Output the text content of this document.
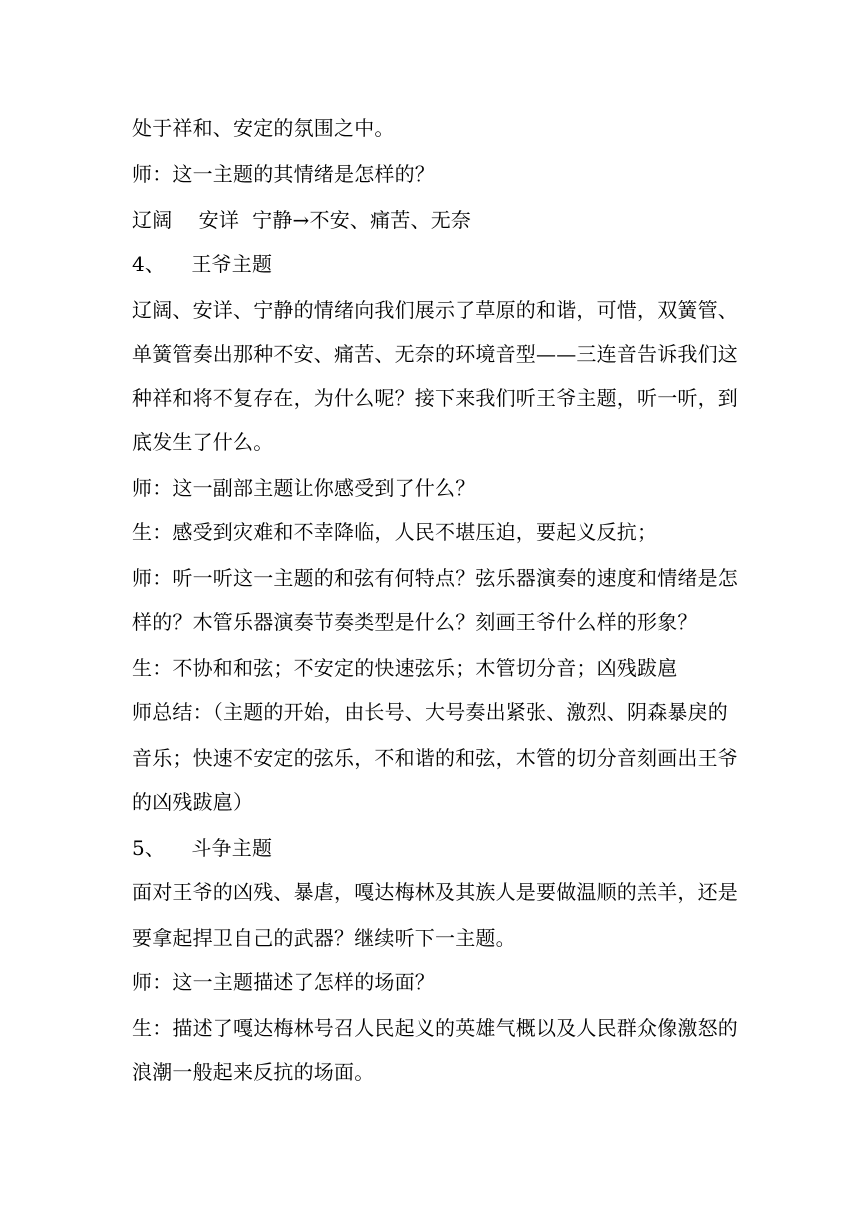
处于祥和、安定的氛围之中。
师：这一主题的其情绪是怎样的？
辽阔    安详  宁静→不安、痛苦、无奈
4、    王爷主题
辽阔、安详、宁静的情绪向我们展示了草原的和谐，可惜，双簧管、
单簧管奏出那种不安、痛苦、无奈的环境音型——三连音告诉我们这
种祥和将不复存在，为什么呢？接下来我们听王爷主题，听一听，到
底发生了什么。
师：这一副部主题让你感受到了什么？
生：感受到灾难和不幸降临，人民不堪压迫，要起义反抗；
师：听一听这一主题的和弦有何特点？弦乐器演奏的速度和情绪是怎
样的？木管乐器演奏节奏类型是什么？刻画王爷什么样的形象？
生：不协和和弦；不安定的快速弦乐；木管切分音；凶残跋扈
师总结：（主题的开始，由长号、大号奏出紧张、激烈、阴森暴戾的
音乐；快速不安定的弦乐，不和谐的和弦，木管的切分音刻画出王爷
的凶残跋扈）
5、    斗争主题
面对王爷的凶残、暴虐，嘎达梅林及其族人是要做温顺的羔羊，还是
要拿起捍卫自己的武器？继续听下一主题。
师：这一主题描述了怎样的场面？
生：描述了嘎达梅林号召人民起义的英雄气概以及人民群众像激怒的
浪潮一般起来反抗的场面。
